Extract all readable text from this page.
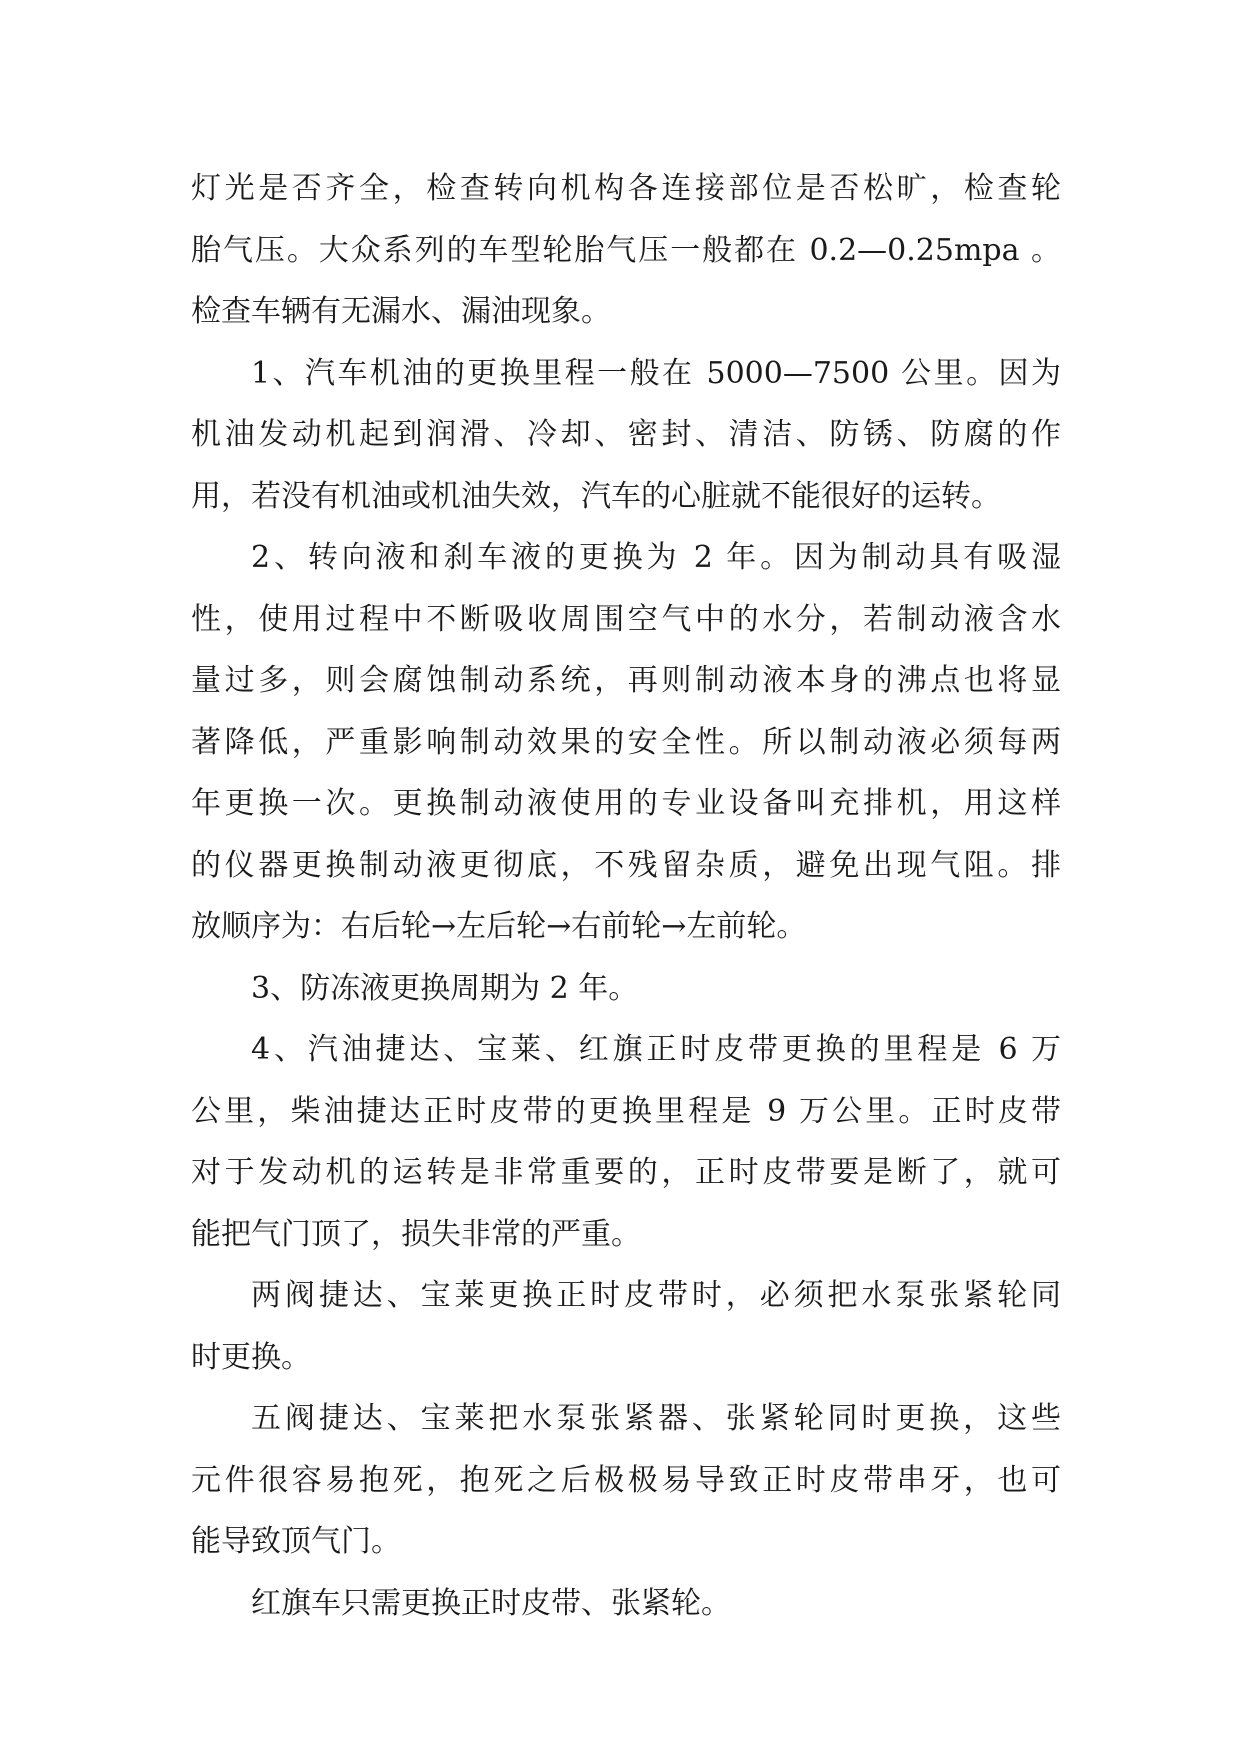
灯光是否齐全，检查转向机构各连接部位是否松旷，检查轮
胎气压。大众系列的车型轮胎气压一般都在 0.2—0.25mpa 。
检查车辆有无漏水、漏油现象。
1、汽车机油的更换里程一般在 5000—7500 公里。因为
机油发动机起到润滑、冷却、密封、清洁、防锈、防腐的作
用，若没有机油或机油失效，汽车的心脏就不能很好的运转。
2、转向液和刹车液的更换为 2 年。因为制动具有吸湿
性，使用过程中不断吸收周围空气中的水分，若制动液含水
量过多，则会腐蚀制动系统，再则制动液本身的沸点也将显
著降低，严重影响制动效果的安全性。所以制动液必须每两
年更换一次。更换制动液使用的专业设备叫充排机，用这样
的仪器更换制动液更彻底，不残留杂质，避免出现气阻。排
放顺序为：右后轮→左后轮→右前轮→左前轮。
3、防冻液更换周期为 2 年。
4、汽油捷达、宝莱、红旗正时皮带更换的里程是 6 万
公里，柴油捷达正时皮带的更换里程是 9 万公里。正时皮带
对于发动机的运转是非常重要的，正时皮带要是断了，就可
能把气门顶了，损失非常的严重。
两阀捷达、宝莱更换正时皮带时，必须把水泵张紧轮同
时更换。
五阀捷达、宝莱把水泵张紧器、张紧轮同时更换，这些
元件很容易抱死，抱死之后极极易导致正时皮带串牙，也可
能导致顶气门。
红旗车只需更换正时皮带、张紧轮。
